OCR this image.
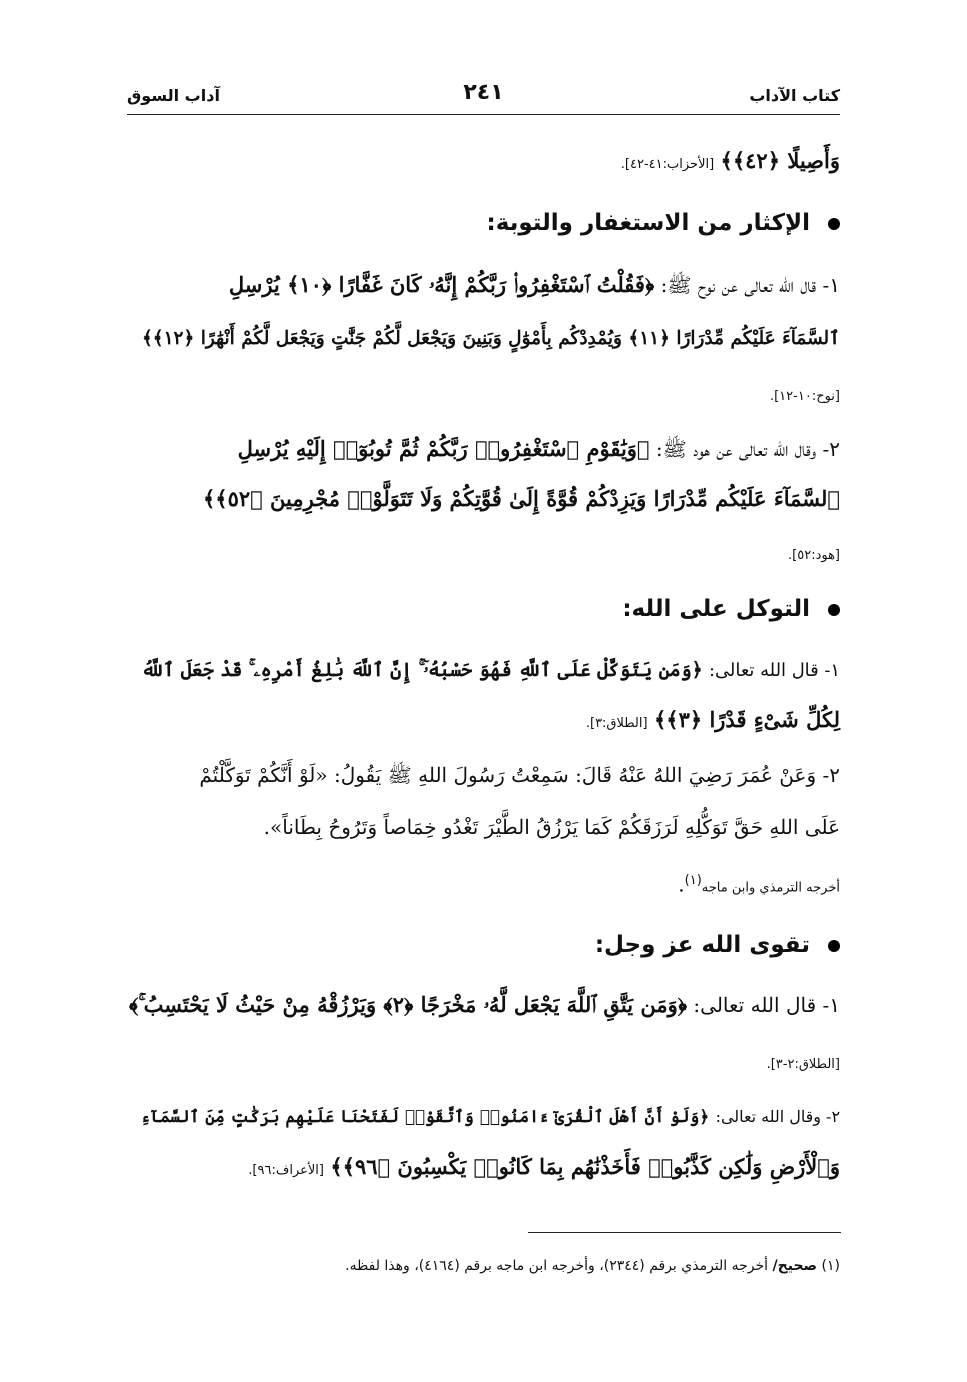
كتاب الآداب
٢٤١
آداب السوق
وَأَصِيلًا ﴿٤٢﴾﴾ [الأحزاب:٤١-٤٢].
الإكثار من الاستغفار والتوبة:
١- قال الله تعالى عن نوح ﷺ: ﴿فَقُلْتُ ٱسْتَغْفِرُوا۟ رَبَّكُمْ إِنَّهُۥ كَانَ غَفَّارًا ﴿١٠﴾ يُرْسِلِ
ٱلسَّمَآءَ عَلَيْكُم مِّدْرَارًا ﴿١١﴾ وَيُمْدِدْكُم بِأَمْوَٰلٍ وَبَنِينَ وَيَجْعَل لَّكُمْ جَنَّٰتٍ وَيَجْعَل لَّكُمْ أَنْهَٰرًا ﴿١٢﴾﴾
[نوح:١٠-١٢].
٢- وقال الله تعالى عن هود ﷺ: ﴿وَيَٰقَوْمِ ٱسْتَغْفِرُوا۟ رَبَّكُمْ ثُمَّ تُوبُوٓا۟ إِلَيْهِ يُرْسِلِ
ٱلسَّمَآءَ عَلَيْكُم مِّدْرَارًا وَيَزِدْكُمْ قُوَّةً إِلَىٰ قُوَّتِكُمْ وَلَا تَتَوَلَّوْا۟ مُجْرِمِينَ ﴿٥٢﴾﴾
[هود:٥٢].
التوكل على الله:
١- قال الله تعالى: ﴿وَمَن يَتَوَكَّلْ عَلَى ٱللَّهِ فَهُوَ حَسْبُهُۥٓ ۚ إِنَّ ٱللَّهَ بَٰلِغُ أَمْرِهِۦ ۚ قَدْ جَعَلَ ٱللَّهُ
لِكُلِّ شَىْءٍ قَدْرًا ﴿٣﴾﴾ [الطلاق:٣].
٢- وَعَنْ عُمَرَ رَضِيَ اللهُ عَنْهُ قَالَ: سَمِعْتُ رَسُولَ اللهِ ﷺ يَقُولُ: «لَوْ أَنَّكُمْ تَوَكَّلْتُمْ
عَلَى اللهِ حَقَّ تَوَكُّلِهِ لَرَزَقَكُمْ كَمَا يَرْزُقُ الطَّيْرَ تَغْدُو خِمَاصاً وَتَرُوحُ بِطَاناً».
أخرجه الترمذي وابن ماجه$^{(١)}$.
تقوى الله عز وجل:
١- قال الله تعالى: ﴿وَمَن يَتَّقِ ٱللَّهَ يَجْعَل لَّهُۥ مَخْرَجًا ﴿٢﴾ وَيَرْزُقْهُ مِنْ حَيْثُ لَا يَحْتَسِبُ ۚ﴾
[الطلاق:٢-٣].
٢- وقال الله تعالى: ﴿وَلَوْ أَنَّ أَهْلَ ٱلْقُرَىٰٓ ءَامَنُوا۟ وَٱتَّقَوْا۟ لَفَتَحْنَا عَلَيْهِم بَرَكَٰتٍ مِّنَ ٱلسَّمَآءِ
وَٱلْأَرْضِ وَلَٰكِن كَذَّبُوا۟ فَأَخَذْنَٰهُم بِمَا كَانُوا۟ يَكْسِبُونَ ﴿٩٦﴾﴾ [الأعراف:٩٦].
(١) صحيح/ أخرجه الترمذي برقم (٢٣٤٤)، وأخرجه ابن ماجه برقم (٤١٦٤)، وهذا لفظه.
